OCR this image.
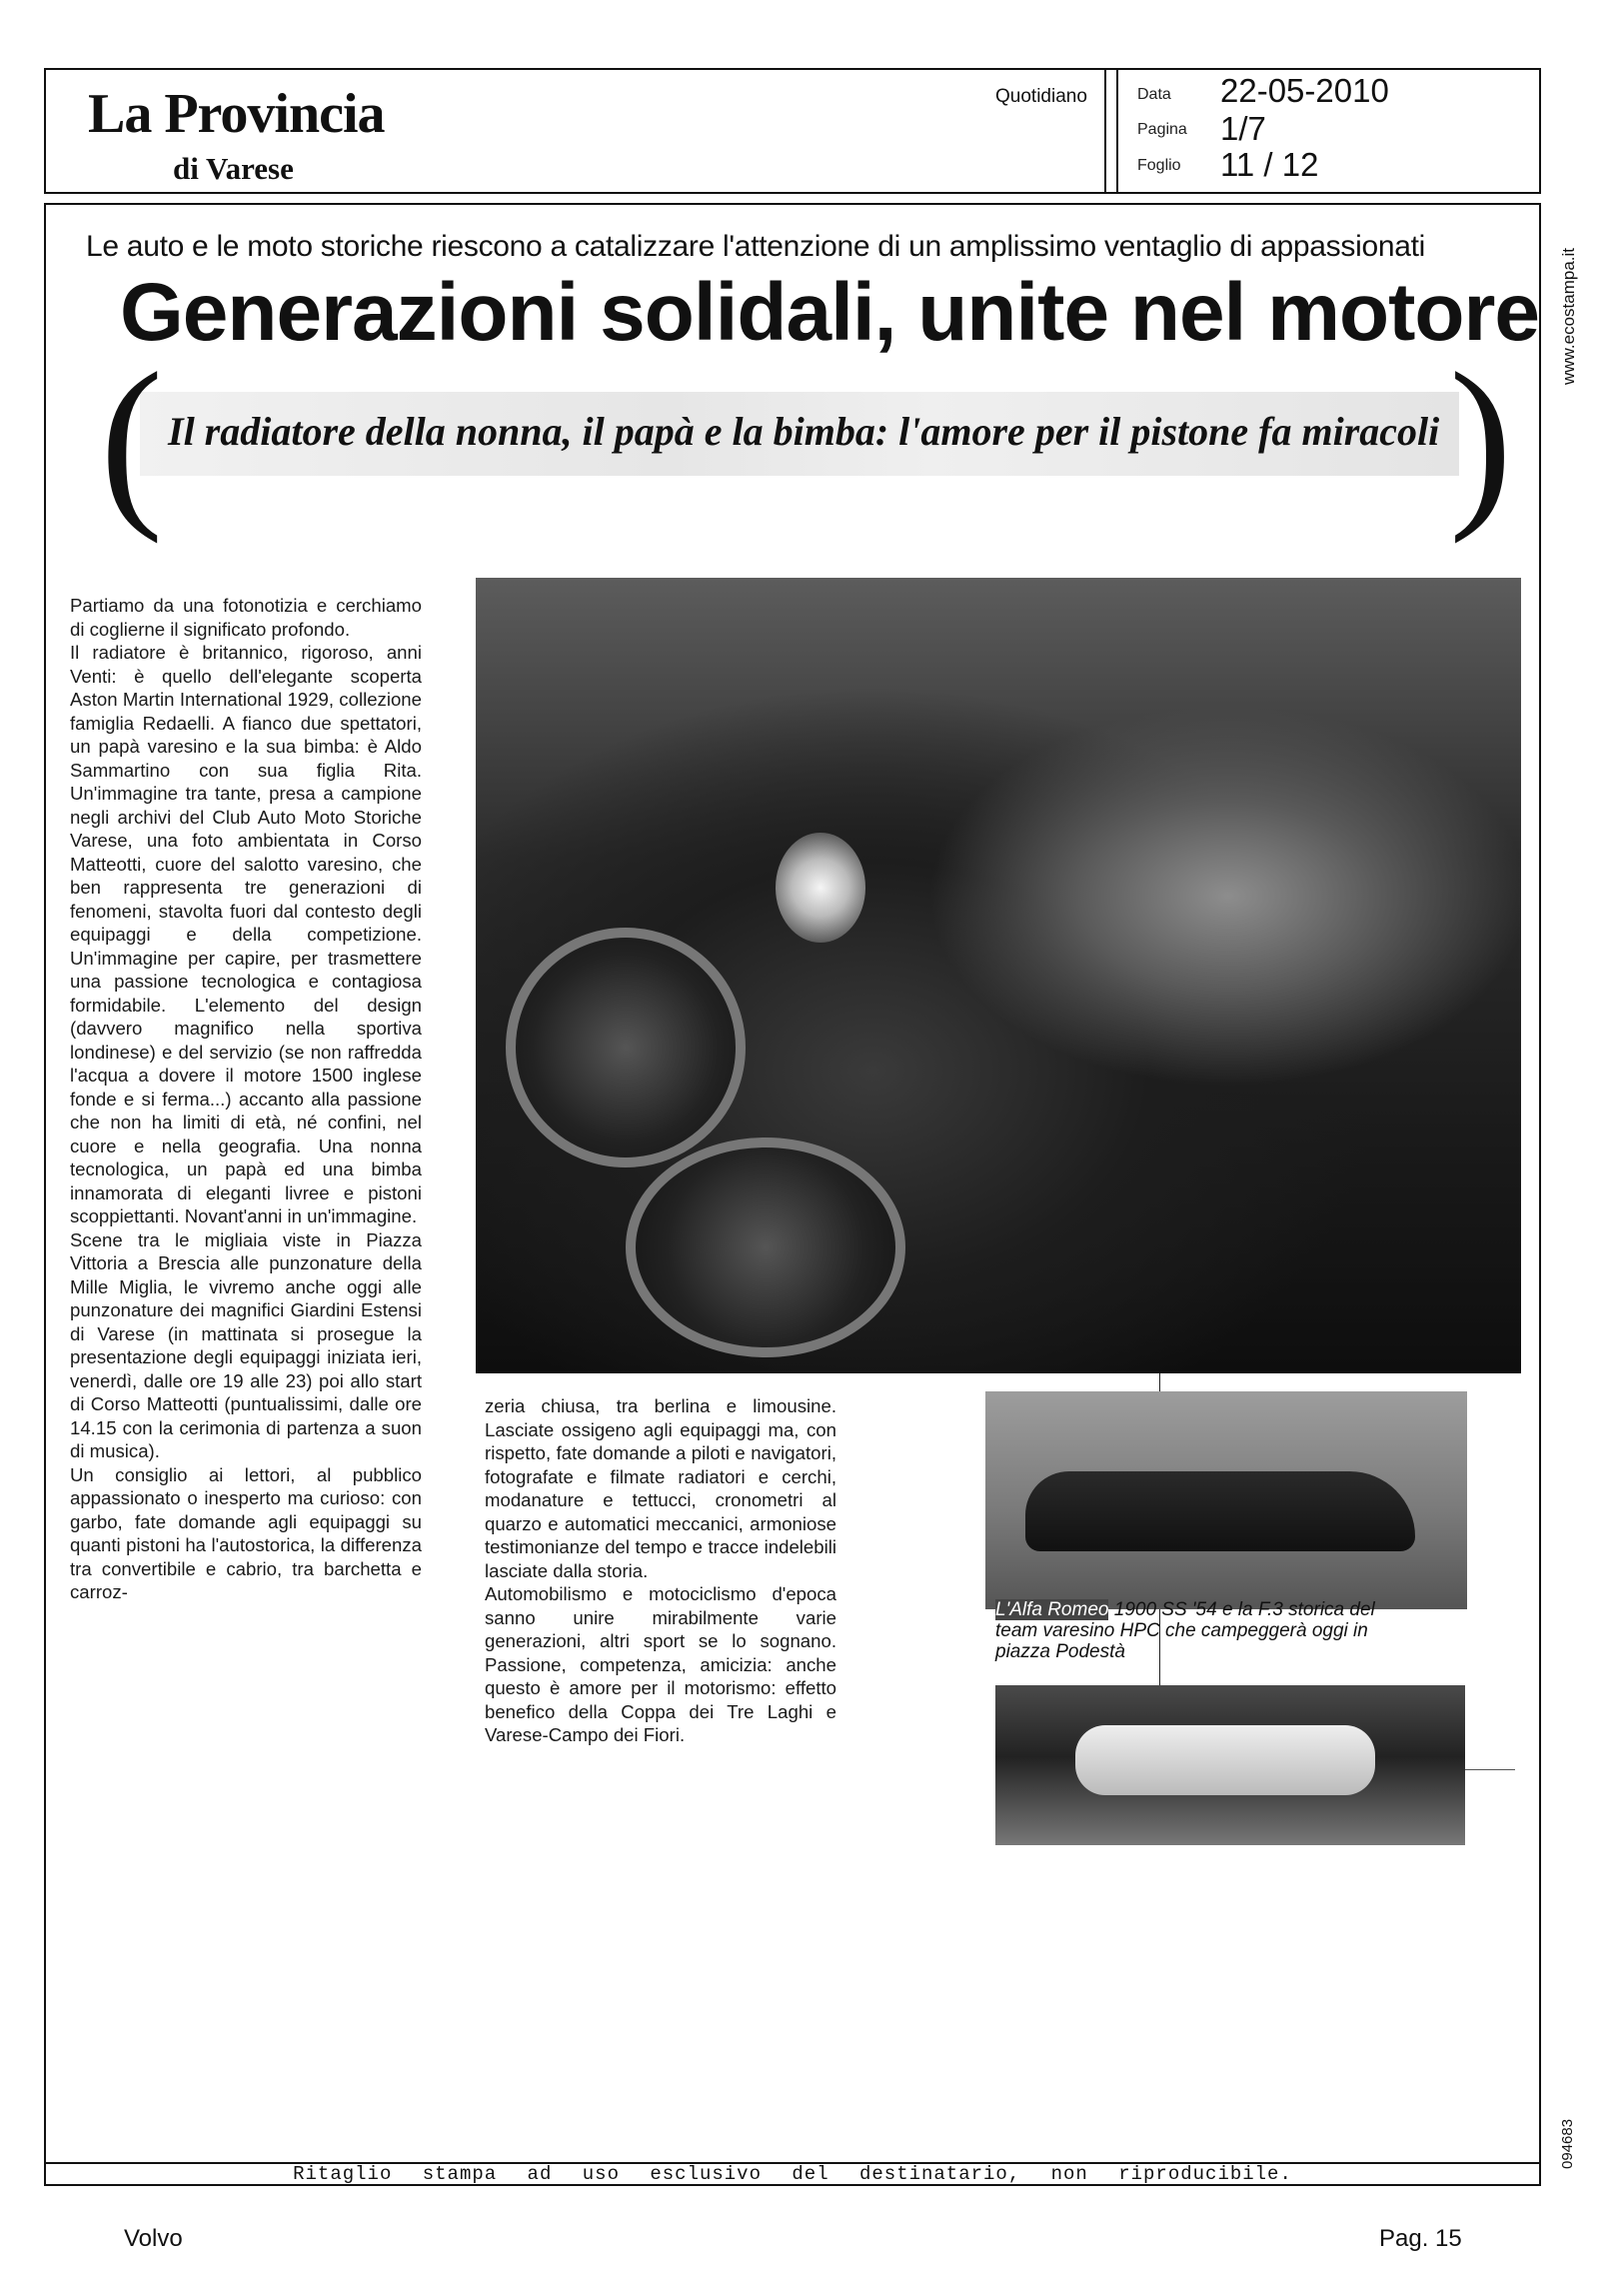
La Provincia
di Varese
Quotidiano	Data 22-05-2010
Pagina 1/7
Foglio 11 / 12
Le auto e le moto storiche riescono a catalizzare l'attenzione di un amplissimo ventaglio di appassionati
Generazioni solidali, unite nel motore
(	)
Il radiatore della nonna, il papà e la bimba: l'amore per il pistone fa miracoli
www.ecostampa.it
094683

Partiamo da una fotonotizia e cerchiamo di coglierne il significato profondo.

Il radiatore è britannico, rigoroso, anni Venti: è quello dell'elegante scoperta Aston Martin International 1929, collezione famiglia Redaelli. A fianco due spettatori, un papà varesino e la sua bimba: è Aldo Sammartino con sua figlia Rita. Un'immagine tra tante, presa a campione negli archivi del Club Auto Moto Storiche Varese, una foto ambientata in Corso Matteotti, cuore del salotto varesino, che ben rappresenta tre generazioni di fenomeni, stavolta fuori dal contesto degli equipaggi e della competizione. Un'immagine per capire, per trasmettere una passione tecnologica e contagiosa formidabile. L'elemento del design (davvero magnifico nella sportiva londinese) e del servizio (se non raffredda l'acqua a dovere il motore 1500 inglese fonde e si ferma...) accanto alla passione che non ha limiti di età, né confini, nel cuore e nella geografia. Una nonna tecnologica, un papà ed una bimba innamorata di eleganti livree e pistoni scoppiettanti. Novant'anni in un'immagine.

Scene tra le migliaia viste in Piazza Vittoria a Brescia alle punzonature della Mille Miglia, le vivremo anche oggi alle punzonature dei magnifici Giardini Estensi di Varese (in mattinata si prosegue la presentazione degli equipaggi iniziata ieri, venerdì, dalle ore 19 alle 23) poi allo start di Corso Matteotti (puntualissimi, dalle ore 14.15 con la cerimonia di partenza a suon di musica).

Un consiglio ai lettori, al pubblico appassionato o inesperto ma curioso: con garbo, fate domande agli equipaggi su quanti pistoni ha l'autostorica, la differenza tra convertibile e cabrio, tra barchetta e carroz-

zeria chiusa, tra berlina e limousine. Lasciate ossigeno agli equipaggi ma, con rispetto, fate domande a piloti e navigatori, fotografate e filmate radiatori e cerchi, modanature e tettucci, cronometri al quarzo e automatici meccanici, armoniose testimonianze del tempo e tracce indelebili lasciate dalla storia.

Automobilismo e motociclismo d'epoca sanno unire mirabilmente varie generazioni, altri sport se lo sognano. Passione, competenza, amicizia: anche questo è amore per il motorismo: effetto benefico della Coppa dei Tre Laghi e Varese-Campo dei Fiori.

L'Alfa Romeo 1900 SS '54 e la F.3 storica del team varesino HPC che campeggerà oggi in piazza Podestà
Ritaglio stampa ad uso esclusivo del destinatario, non riproducibile.
Volvo	Pag. 15
